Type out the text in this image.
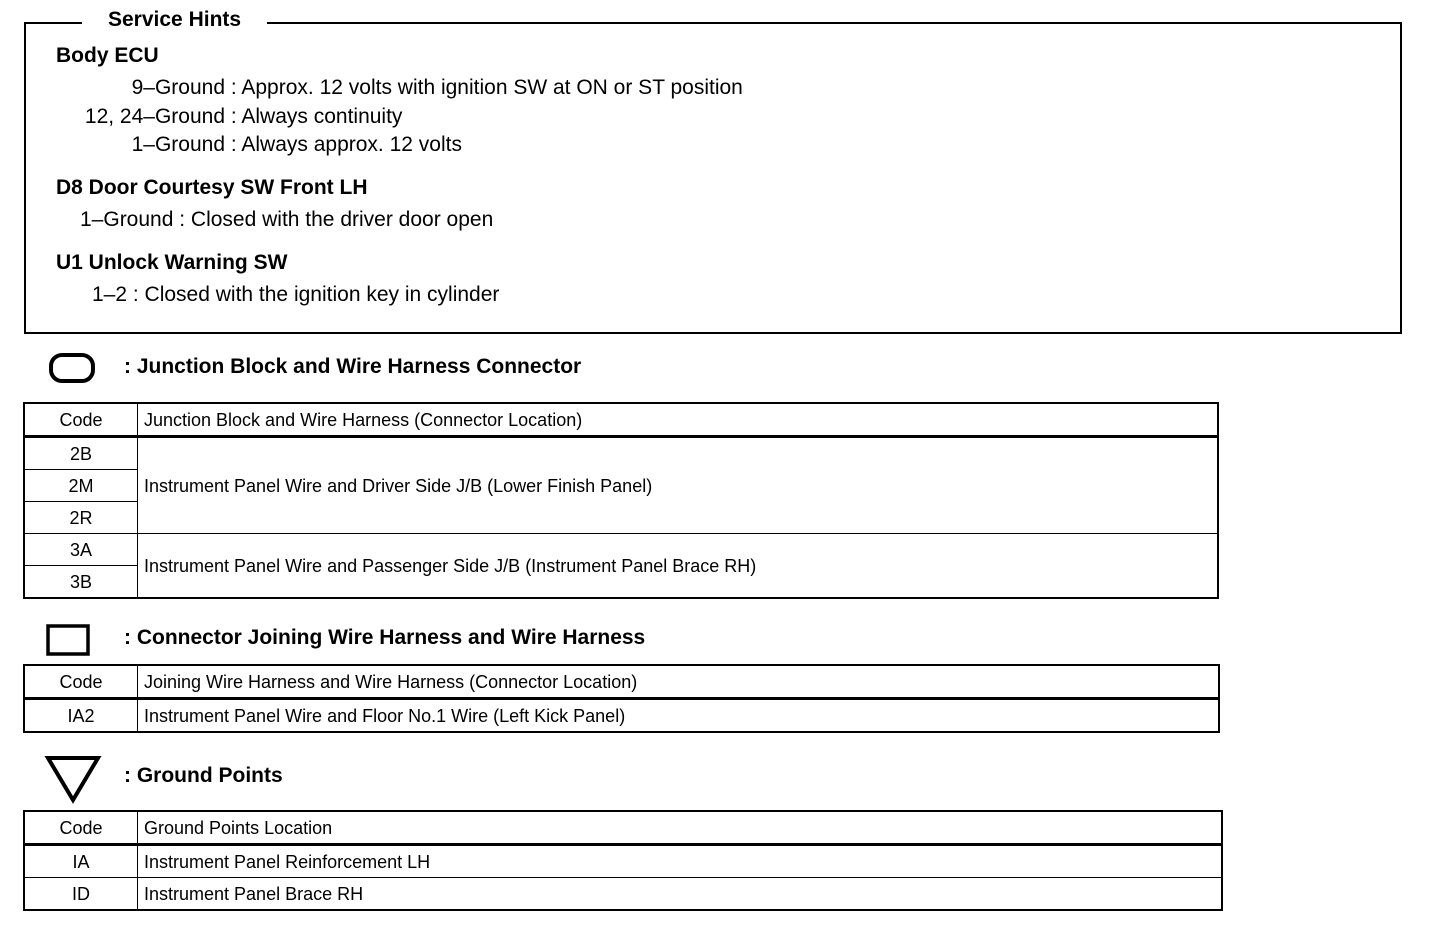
Service Hints
Body ECU
9–Ground : Approx. 12 volts with ignition SW at ON or ST position
12, 24–Ground : Always continuity
1–Ground : Always approx. 12 volts
D8 Door Courtesy SW Front LH
1–Ground : Closed with the driver door open
U1 Unlock Warning SW
1–2 : Closed with the ignition key in cylinder
: Junction Block and Wire Harness Connector
Code	Junction Block and Wire Harness (Connector Location)
2B	Instrument Panel Wire and Driver Side J/B (Lower Finish Panel)
2M	
2R	
3A	Instrument Panel Wire and Passenger Side J/B (Instrument Panel Brace RH)
3B	
: Connector Joining Wire Harness and Wire Harness
Code	Joining Wire Harness and Wire Harness (Connector Location)
IA2	Instrument Panel Wire and Floor No.1 Wire (Left Kick Panel)
: Ground Points
Code	Ground Points Location
IA	Instrument Panel Reinforcement LH
ID	Instrument Panel Brace RH
